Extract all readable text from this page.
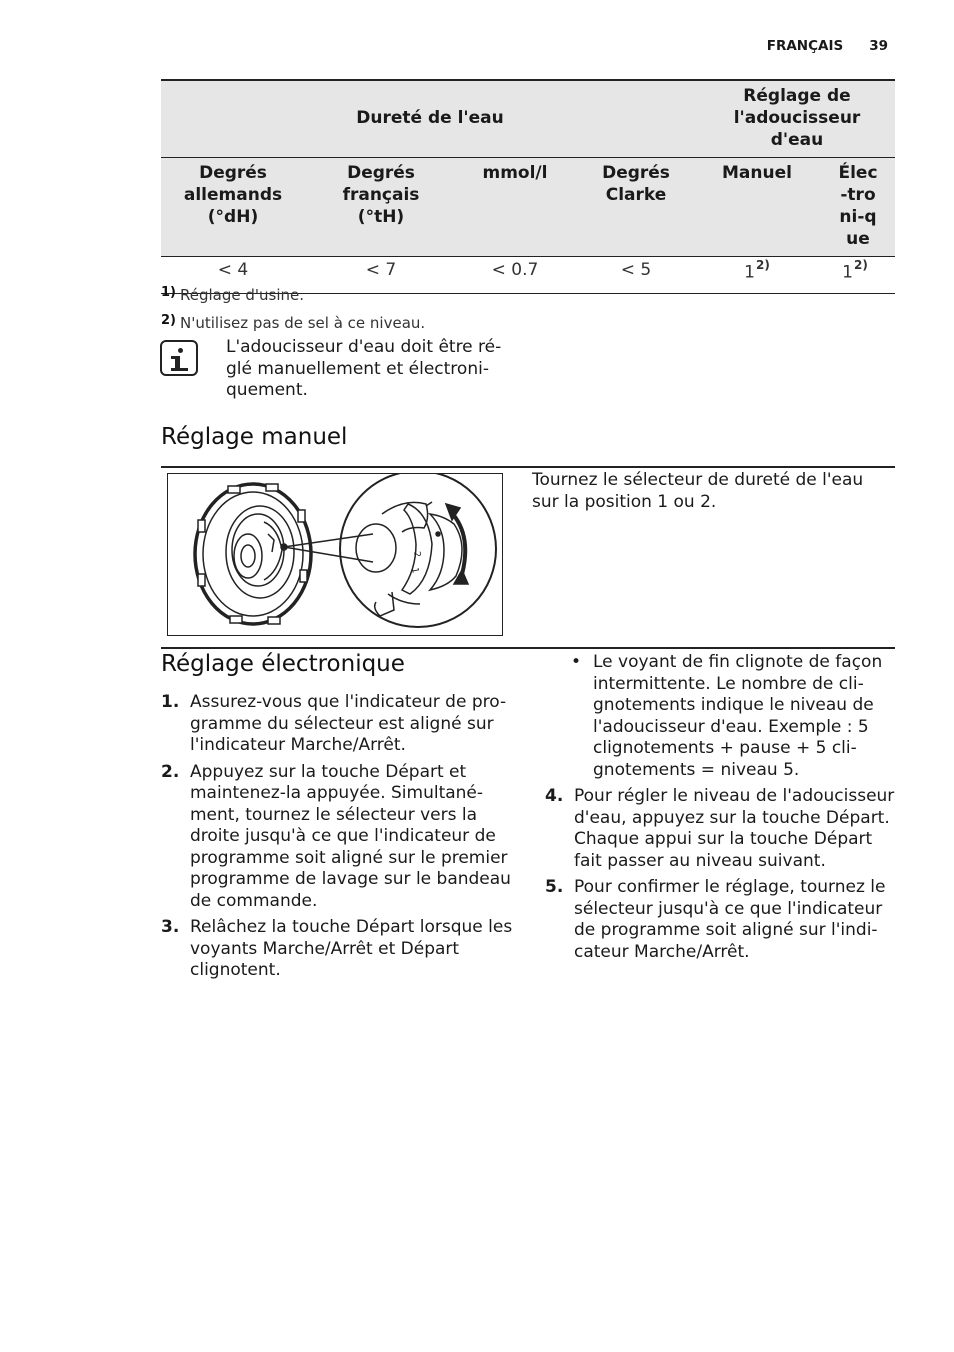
FRANÇAIS 39
Dureté de l'eau				Réglage de l'adoucisseur d'eau	
Degrés allemands (°dH)	Degrés français (°tH)	mmol/l	Degrés Clarke	Manuel	Élec-troni-que
< 4	< 7	< 0.7	< 5	1$^{2)}$	1$^{2)}$
1) Réglage d'usine.
2) N'utilisez pas de sel à ce niveau.
L'adoucisseur d'eau doit être ré-glé manuellement et électroni-quement.
Réglage manuel
2
1
Tournez le sélecteur de dureté de l'eau sur la position 1 ou 2.
Réglage électronique
1. Assurez-vous que l'indicateur de pro-gramme du sélecteur est aligné sur l'indicateur Marche/Arrêt.
2. Appuyez sur la touche Départ et maintenez-la appuyée. Simultané-ment, tournez le sélecteur vers la droite jusqu'à ce que l'indicateur de programme soit aligné sur le premier programme de lavage sur le bandeau de commande.
3. Relâchez la touche Départ lorsque les voyants Marche/Arrêt et Départ clignotent.
• Le voyant de fin clignote de façon intermittente. Le nombre de cli-gnotements indique le niveau de l'adoucisseur d'eau. Exemple : 5 clignotements + pause + 5 cli-gnotements = niveau 5.
4. Pour régler le niveau de l'adoucisseur d'eau, appuyez sur la touche Départ. Chaque appui sur la touche Départ fait passer au niveau suivant.
5. Pour confirmer le réglage, tournez le sélecteur jusqu'à ce que l'indicateur de programme soit aligné sur l'indi-cateur Marche/Arrêt.
